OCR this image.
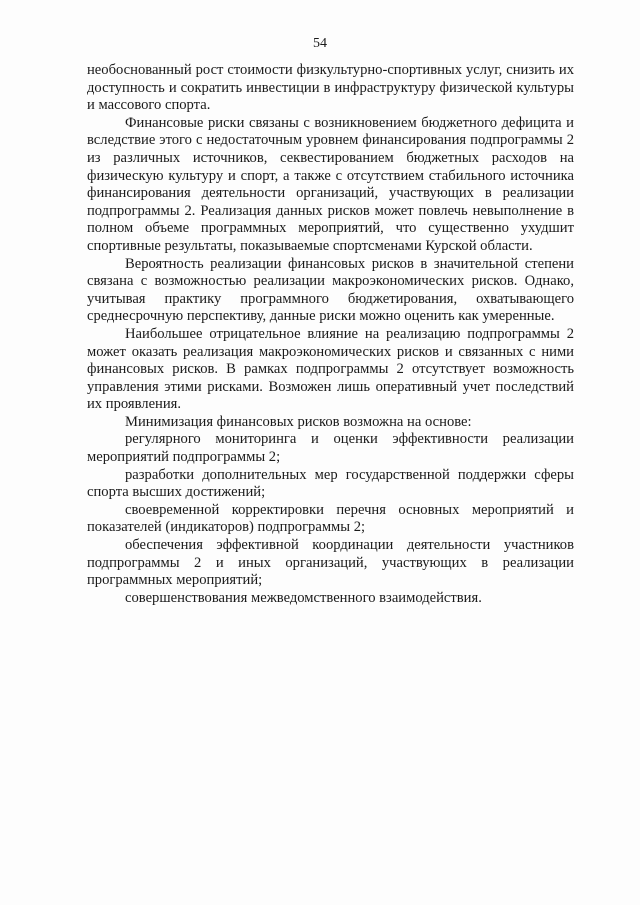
54

необоснованный рост стоимости физкультурно-спортивных услуг, снизить их доступность и сократить инвестиции в инфраструктуру физической культуры и массового спорта.

Финансовые риски связаны с возникновением бюджетного дефицита и вследствие этого с недостаточным уровнем финансирования подпрограммы 2 из различных источников, секвестированием бюджетных расходов на физическую культуру и спорт, а также с отсутствием стабильного источника финансирования деятельности организаций, участвующих в реализации подпрограммы 2. Реализация данных рисков может повлечь невыполнение в полном объеме программных мероприятий, что существенно ухудшит спортивные результаты, показываемые спортсменами Курской области.

Вероятность реализации финансовых рисков в значительной степени связана с возможностью реализации макроэкономических рисков. Однако, учитывая практику программного бюджетирования, охватывающего среднесрочную перспективу, данные риски можно оценить как умеренные.

Наибольшее отрицательное влияние на реализацию подпрограммы 2 может оказать реализация макроэкономических рисков и связанных с ними финансовых рисков. В рамках подпрограммы 2 отсутствует возможность управления этими рисками. Возможен лишь оперативный учет последствий их проявления.

Минимизация финансовых рисков возможна на основе:

регулярного мониторинга и оценки эффективности реализации мероприятий подпрограммы 2;

разработки дополнительных мер государственной поддержки сферы спорта высших достижений;

своевременной корректировки перечня основных мероприятий и показателей (индикаторов) подпрограммы 2;

обеспечения эффективной координации деятельности участников подпрограммы 2 и иных организаций, участвующих в реализации программных мероприятий;

совершенствования межведомственного взаимодействия.
